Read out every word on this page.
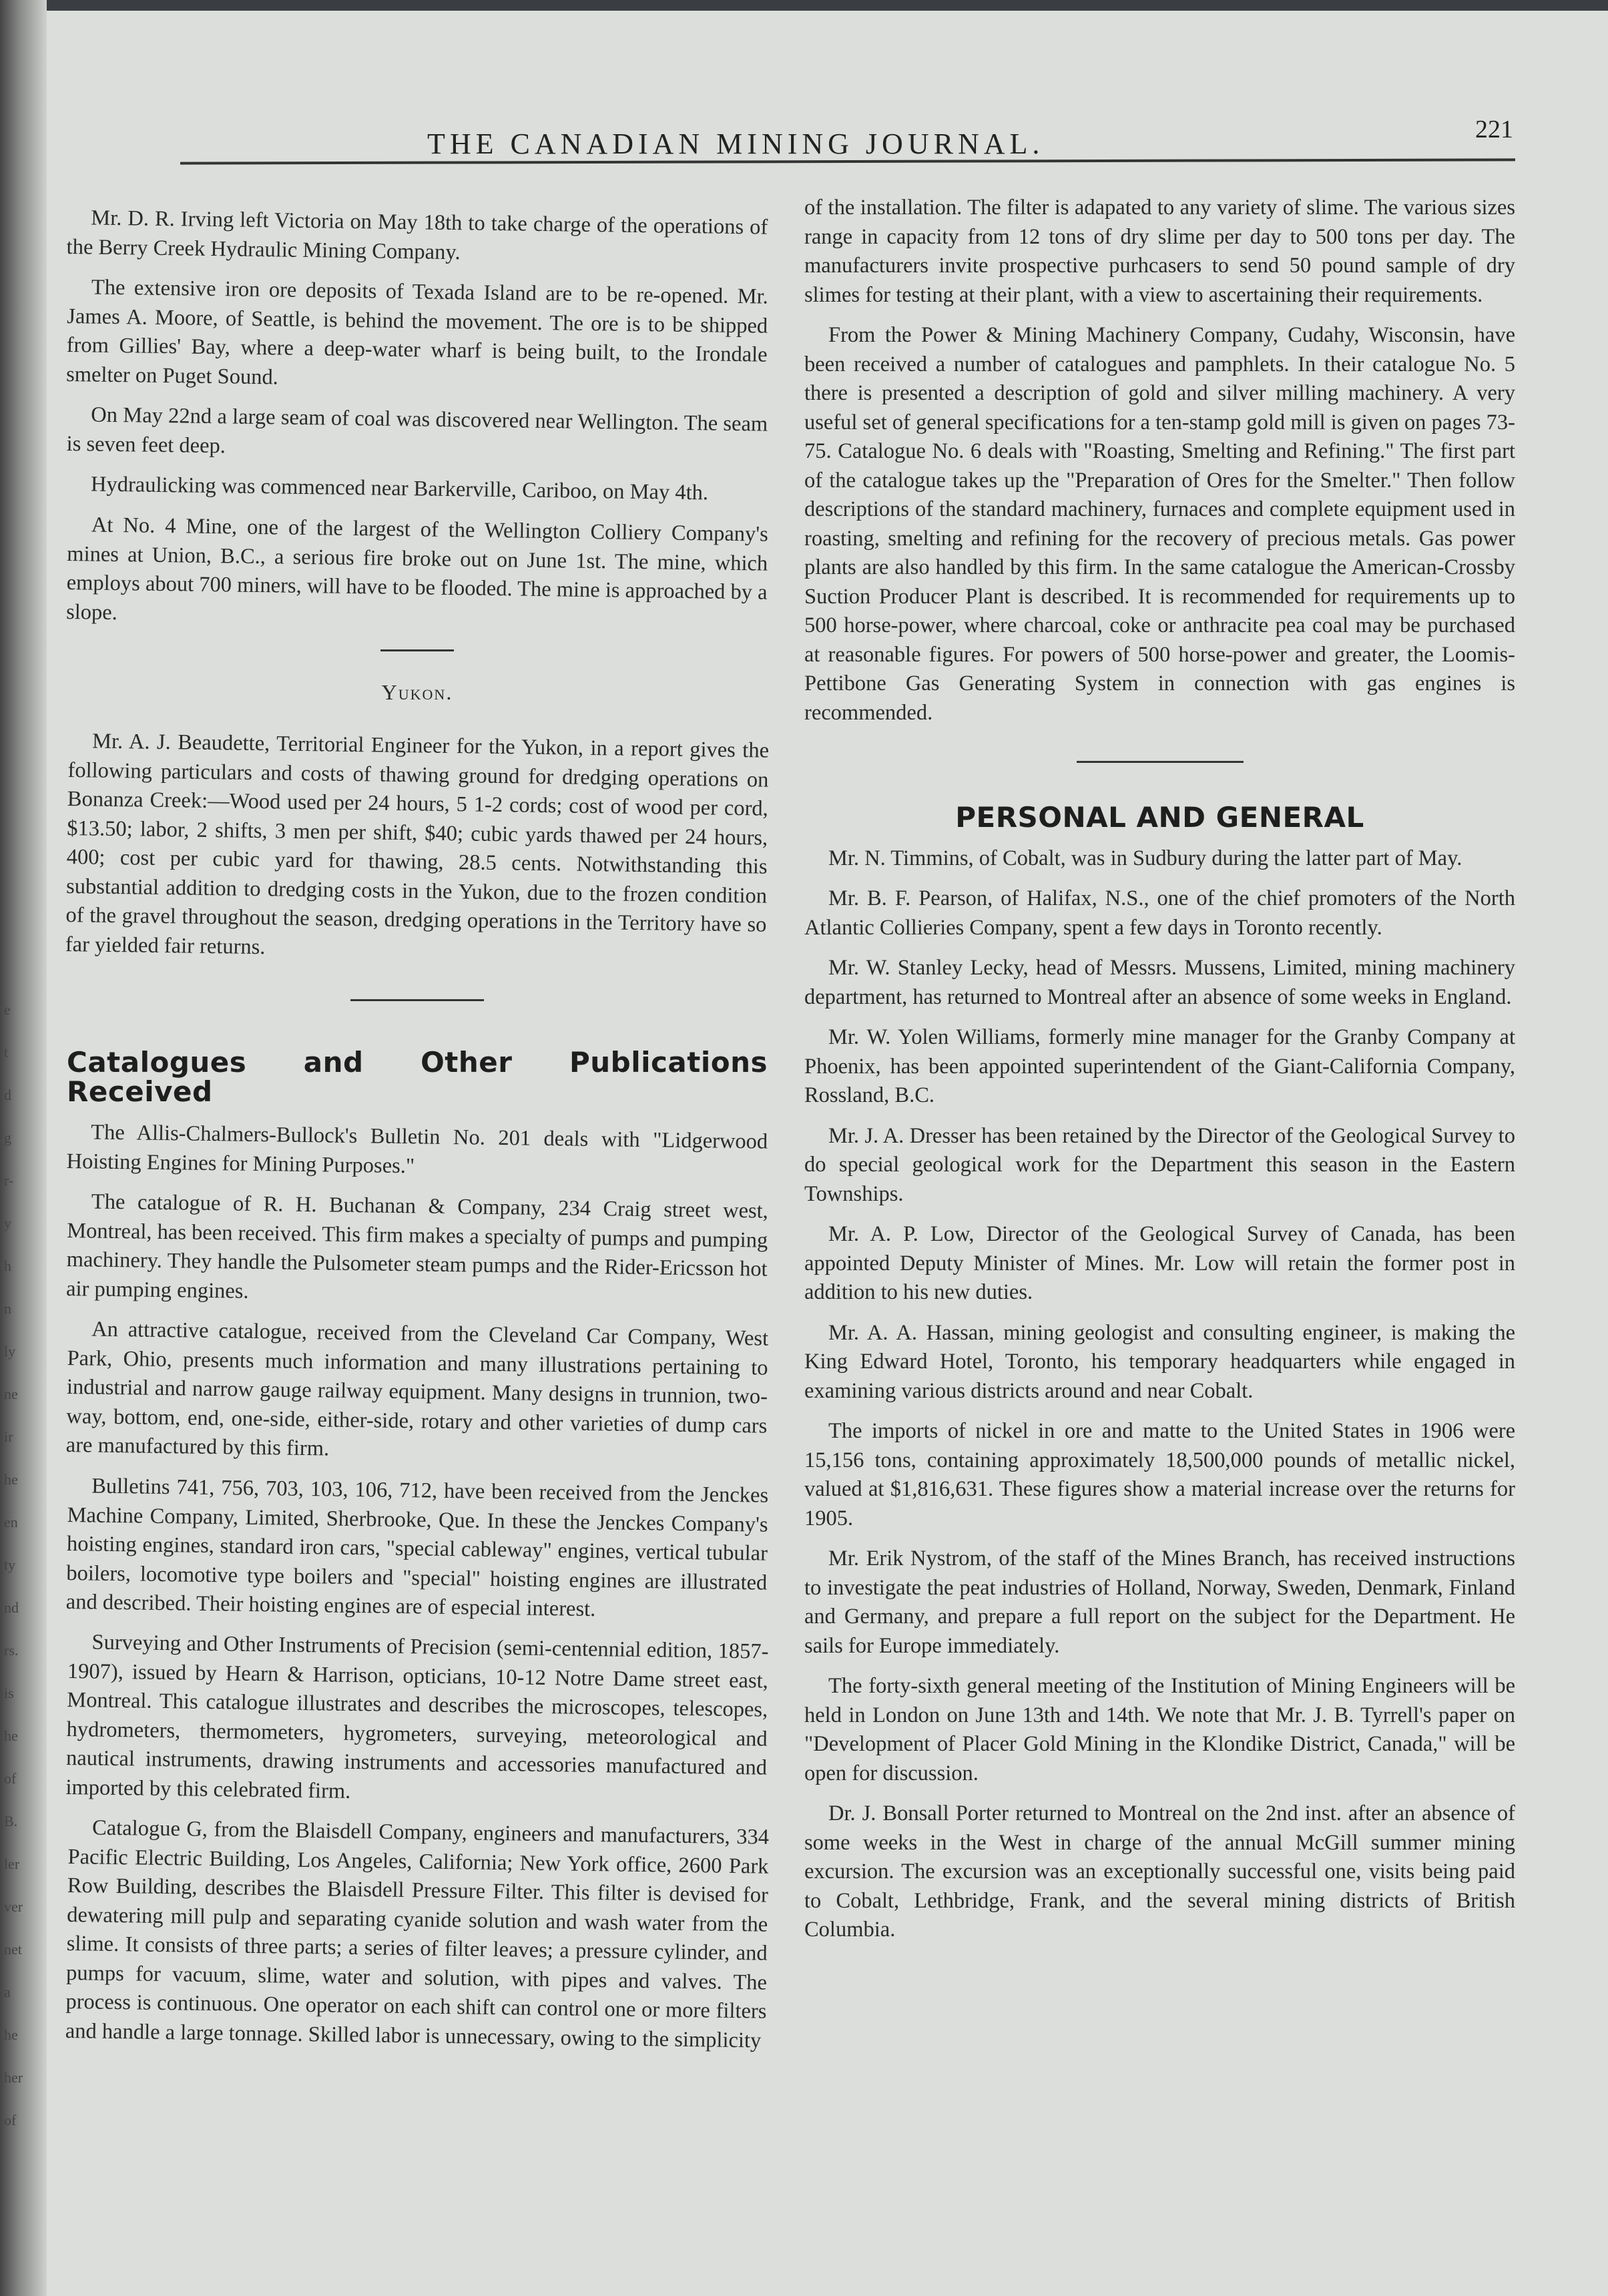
e
t
d
g
r-
y
h
n
ly
ne
ir
he
en
ty
nd
rs.
is
he
of
B.
ler
ver
net
a
he
her
of
THE CANADIAN MINING JOURNAL.	221

Mr. D. R. Irving left Victoria on May 18th to take charge of the operations of the Berry Creek Hydraulic Mining Company.

The extensive iron ore deposits of Texada Island are to be re-opened. Mr. James A. Moore, of Seattle, is behind the movement. The ore is to be shipped from Gillies' Bay, where a deep-water wharf is being built, to the Irondale smelter on Puget Sound.

On May 22nd a large seam of coal was discovered near Wellington. The seam is seven feet deep.

Hydraulicking was commenced near Barkerville, Cariboo, on May 4th.

At No. 4 Mine, one of the largest of the Wellington Colliery Company's mines at Union, B.C., a serious fire broke out on June 1st. The mine, which employs about 700 miners, will have to be flooded. The mine is approached by a slope.

Yukon.

Mr. A. J. Beaudette, Territorial Engineer for the Yukon, in a report gives the following particulars and costs of thawing ground for dredging operations on Bonanza Creek:—Wood used per 24 hours, 5 1-2 cords; cost of wood per cord, $13.50; labor, 2 shifts, 3 men per shift, $40; cubic yards thawed per 24 hours, 400; cost per cubic yard for thawing, 28.5 cents. Notwithstanding this substantial addition to dredging costs in the Yukon, due to the frozen condition of the gravel throughout the season, dredging operations in the Territory have so far yielded fair returns.

Catalogues and Other Publications Received

The Allis-Chalmers-Bullock's Bulletin No. 201 deals with "Lidgerwood Hoisting Engines for Mining Purposes."

The catalogue of R. H. Buchanan & Company, 234 Craig street west, Montreal, has been received. This firm makes a specialty of pumps and pumping machinery. They handle the Pulsometer steam pumps and the Rider-Ericsson hot air pumping engines.

An attractive catalogue, received from the Cleveland Car Company, West Park, Ohio, presents much information and many illustrations pertaining to industrial and narrow gauge railway equipment. Many designs in trunnion, two-way, bottom, end, one-side, either-side, rotary and other varieties of dump cars are manufactured by this firm.

Bulletins 741, 756, 703, 103, 106, 712, have been received from the Jenckes Machine Company, Limited, Sherbrooke, Que. In these the Jenckes Company's hoisting engines, standard iron cars, "special cableway" engines, vertical tubular boilers, locomotive type boilers and "special" hoisting engines are illustrated and described. Their hoisting engines are of especial interest.

Surveying and Other Instruments of Precision (semi-centennial edition, 1857-1907), issued by Hearn & Harrison, opticians, 10-12 Notre Dame street east, Montreal. This catalogue illustrates and describes the microscopes, telescopes, hydrometers, thermometers, hygrometers, surveying, meteorological and nautical instruments, drawing instruments and accessories manufactured and imported by this celebrated firm.

Catalogue G, from the Blaisdell Company, engineers and manufacturers, 334 Pacific Electric Building, Los Angeles, California; New York office, 2600 Park Row Building, describes the Blaisdell Pressure Filter. This filter is devised for dewatering mill pulp and separating cyanide solution and wash water from the slime. It consists of three parts; a series of filter leaves; a pressure cylinder, and pumps for vacuum, slime, water and solution, with pipes and valves. The process is continuous. One operator on each shift can control one or more filters and handle a large tonnage. Skilled labor is unnecessary, owing to the simplicity

of the installation. The filter is adapated to any variety of slime. The various sizes range in capacity from 12 tons of dry slime per day to 500 tons per day. The manufacturers invite prospective purhcasers to send 50 pound sample of dry slimes for testing at their plant, with a view to ascertaining their requirements.

From the Power & Mining Machinery Company, Cudahy, Wisconsin, have been received a number of catalogues and pamphlets. In their catalogue No. 5 there is presented a description of gold and silver milling machinery. A very useful set of general specifications for a ten-stamp gold mill is given on pages 73-75. Catalogue No. 6 deals with "Roasting, Smelting and Refining." The first part of the catalogue takes up the "Preparation of Ores for the Smelter." Then follow descriptions of the standard machinery, furnaces and complete equipment used in roasting, smelting and refining for the recovery of precious metals. Gas power plants are also handled by this firm. In the same catalogue the American-Crossby Suction Producer Plant is described. It is recommended for requirements up to 500 horse-power, where charcoal, coke or anthracite pea coal may be purchased at reasonable figures. For powers of 500 horse-power and greater, the Loomis-Pettibone Gas Generating System in connection with gas engines is recommended.

PERSONAL AND GENERAL

Mr. N. Timmins, of Cobalt, was in Sudbury during the latter part of May.

Mr. B. F. Pearson, of Halifax, N.S., one of the chief promoters of the North Atlantic Collieries Company, spent a few days in Toronto recently.

Mr. W. Stanley Lecky, head of Messrs. Mussens, Limited, mining machinery department, has returned to Montreal after an absence of some weeks in England.

Mr. W. Yolen Williams, formerly mine manager for the Granby Company at Phoenix, has been appointed superintendent of the Giant-California Company, Rossland, B.C.

Mr. J. A. Dresser has been retained by the Director of the Geological Survey to do special geological work for the Department this season in the Eastern Townships.

Mr. A. P. Low, Director of the Geological Survey of Canada, has been appointed Deputy Minister of Mines. Mr. Low will retain the former post in addition to his new duties.

Mr. A. A. Hassan, mining geologist and consulting engineer, is making the King Edward Hotel, Toronto, his temporary headquarters while engaged in examining various districts around and near Cobalt.

The imports of nickel in ore and matte to the United States in 1906 were 15,156 tons, containing approximately 18,500,000 pounds of metallic nickel, valued at $1,816,631. These figures show a material increase over the returns for 1905.

Mr. Erik Nystrom, of the staff of the Mines Branch, has received instructions to investigate the peat industries of Holland, Norway, Sweden, Denmark, Finland and Germany, and prepare a full report on the subject for the Department. He sails for Europe immediately.

The forty-sixth general meeting of the Institution of Mining Engineers will be held in London on June 13th and 14th. We note that Mr. J. B. Tyrrell's paper on "Development of Placer Gold Mining in the Klondike District, Canada," will be open for discussion.

Dr. J. Bonsall Porter returned to Montreal on the 2nd inst. after an absence of some weeks in the West in charge of the annual McGill summer mining excursion. The excursion was an exceptionally successful one, visits being paid to Cobalt, Lethbridge, Frank, and the several mining districts of British Columbia.
